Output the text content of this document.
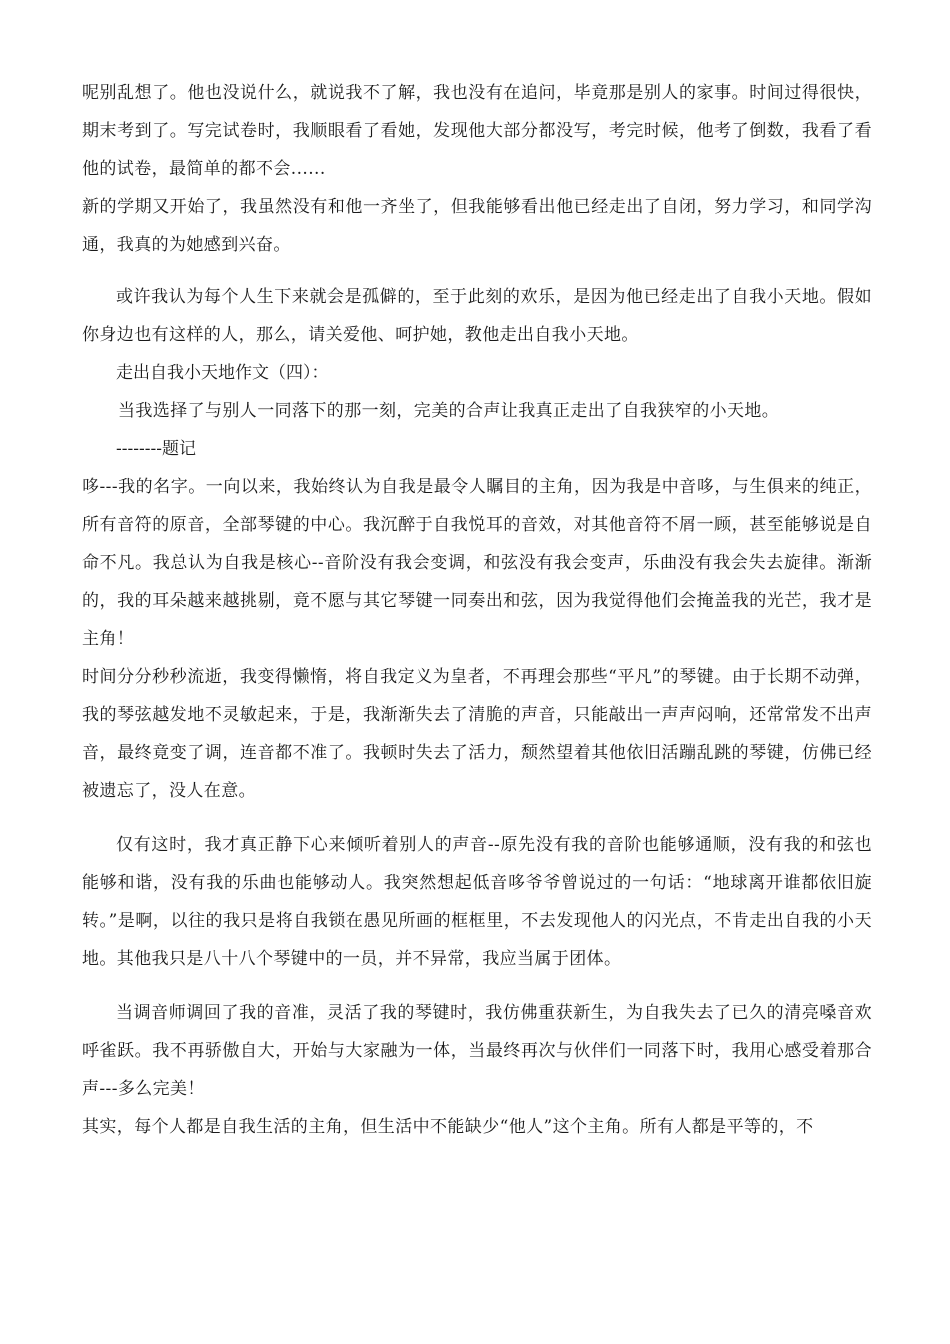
呢别乱想了。他也没说什么，就说我不了解，我也没有在追问，毕竟那是别人的家事。时间过得很快，期末考到了。写完试卷时，我顺眼看了看她，发现他大部分都没写，考完时候，他考了倒数，我看了看他的试卷，最简单的都不会......

新的学期又开始了，我虽然没有和他一齐坐了，但我能够看出他已经走出了自闭，努力学习，和同学沟通，我真的为她感到兴奋。

或许我认为每个人生下来就会是孤僻的，至于此刻的欢乐，是因为他已经走出了自我小天地。假如你身边也有这样的人，那么，请关爱他、呵护她，教他走出自我小天地。

走出自我小天地作文（四）：

当我选择了与别人一同落下的那一刻，完美的合声让我真正走出了自我狭窄的小天地。

--------题记

哆---我的名字。一向以来，我始终认为自我是最令人瞩目的主角，因为我是中音哆，与生俱来的纯正，所有音符的原音，全部琴键的中心。我沉醉于自我悦耳的音效，对其他音符不屑一顾，甚至能够说是自命不凡。我总认为自我是核心--音阶没有我会变调，和弦没有我会变声，乐曲没有我会失去旋律。渐渐的，我的耳朵越来越挑剔，竟不愿与其它琴键一同奏出和弦，因为我觉得他们会掩盖我的光芒，我才是主角！

时间分分秒秒流逝，我变得懒惰，将自我定义为皇者，不再理会那些“平凡”的琴键。由于长期不动弹，我的琴弦越发地不灵敏起来，于是，我渐渐失去了清脆的声音，只能敲出一声声闷响，还常常发不出声音，最终竟变了调，连音都不准了。我顿时失去了活力，颓然望着其他依旧活蹦乱跳的琴键，仿佛已经被遗忘了，没人在意。

仅有这时，我才真正静下心来倾听着别人的声音--原先没有我的音阶也能够通顺，没有我的和弦也能够和谐，没有我的乐曲也能够动人。我突然想起低音哆爷爷曾说过的一句话：“地球离开谁都依旧旋转。”是啊，以往的我只是将自我锁在愚见所画的框框里，不去发现他人的闪光点，不肯走出自我的小天地。其他我只是八十八个琴键中的一员，并不异常，我应当属于团体。

当调音师调回了我的音准，灵活了我的琴键时，我仿佛重获新生，为自我失去了已久的清亮嗓音欢呼雀跃。我不再骄傲自大，开始与大家融为一体，当最终再次与伙伴们一同落下时，我用心感受着那合声---多么完美！

其实，每个人都是自我生活的主角，但生活中不能缺少“他人”这个主角。所有人都是平等的，不
